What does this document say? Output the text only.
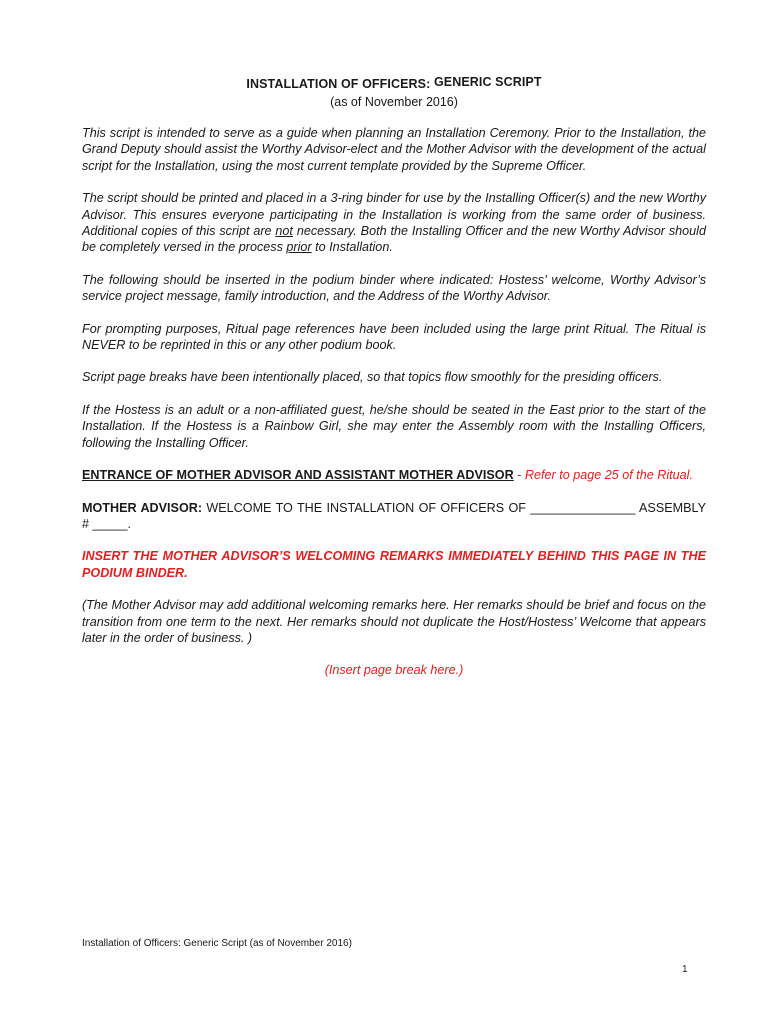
INSTALLATION OF OFFICERS: GENERIC SCRIPT
(as of November 2016)

This script is intended to serve as a guide when planning an Installation Ceremony. Prior to the Installation, the Grand Deputy should assist the Worthy Advisor-elect and the Mother Advisor with the development of the actual script for the Installation, using the most current template provided by the Supreme Officer.

The script should be printed and placed in a 3-ring binder for use by the Installing Officer(s) and the new Worthy Advisor. This ensures everyone participating in the Installation is working from the same order of business. Additional copies of this script are not necessary. Both the Installing Officer and the new Worthy Advisor should be completely versed in the process prior to Installation.

The following should be inserted in the podium binder where indicated: Hostess’ welcome, Worthy Advisor’s service project message, family introduction, and the Address of the Worthy Advisor.

For prompting purposes, Ritual page references have been included using the large print Ritual. The Ritual is NEVER to be reprinted in this or any other podium book.

Script page breaks have been intentionally placed, so that topics flow smoothly for the presiding officers.

If the Hostess is an adult or a non-affiliated guest, he/she should be seated in the East prior to the start of the Installation. If the Hostess is a Rainbow Girl, she may enter the Assembly room with the Installing Officers, following the Installing Officer.

ENTRANCE OF MOTHER ADVISOR AND ASSISTANT MOTHER ADVISOR - Refer to page 25 of the Ritual.

MOTHER ADVISOR: WELCOME TO THE INSTALLATION OF OFFICERS OF _______________ ASSEMBLY # _____.

INSERT THE MOTHER ADVISOR’S WELCOMING REMARKS IMMEDIATELY BEHIND THIS PAGE IN THE PODIUM BINDER.

(The Mother Advisor may add additional welcoming remarks here. Her remarks should be brief and focus on the transition from one term to the next. Her remarks should not duplicate the Host/Hostess’ Welcome that appears later in the order of business. )

(Insert page break here.)

Installation of Officers: Generic Script (as of November 2016)
1
